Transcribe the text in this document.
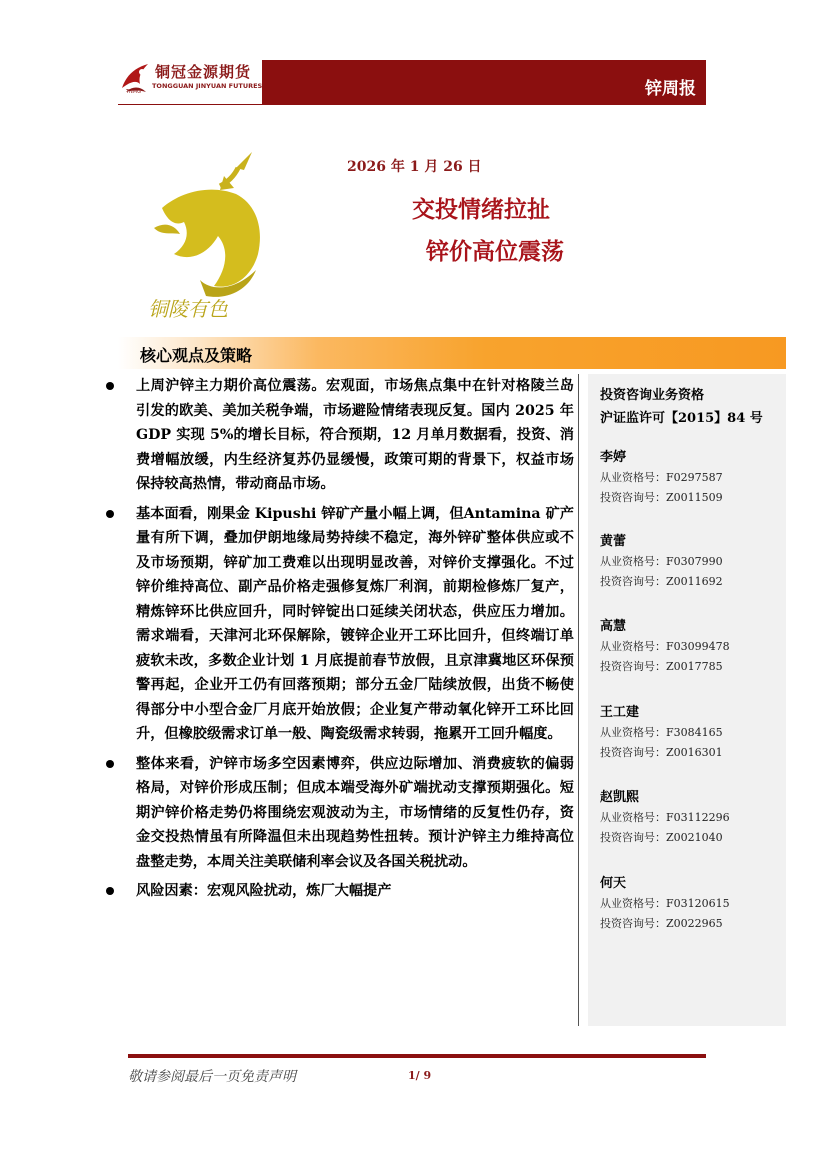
铜冠金源期货
TONGGUAN JINYUAN FUTURES
TNMG	锌周报
铜陵有色
2026 年 1 月 26 日
交投情绪拉扯
锌价高位震荡
核心观点及策略
上周沪锌主力期价高位震荡。宏观面，市场焦点集中在针对格陵兰岛引发的欧美、美加关税争端，市场避险情绪表现反复。国内 2025 年 GDP 实现 5%的增长目标，符合预期，12 月单月数据看，投资、消费增幅放缓，内生经济复苏仍显缓慢，政策可期的背景下，权益市场保持较高热情，带动商品市场。
基本面看，刚果金 Kipushi 锌矿产量小幅上调，但Antamina 矿产量有所下调，叠加伊朗地缘局势持续不稳定，海外锌矿整体供应或不及市场预期，锌矿加工费难以出现明显改善，对锌价支撑强化。不过锌价维持高位、副产品价格走强修复炼厂利润，前期检修炼厂复产，精炼锌环比供应回升，同时锌锭出口延续关闭状态，供应压力增加。需求端看，天津河北环保解除，镀锌企业开工环比回升，但终端订单疲软未改，多数企业计划 1 月底提前春节放假，且京津冀地区环保预警再起，企业开工仍有回落预期；部分五金厂陆续放假，出货不畅使得部分中小型合金厂月底开始放假；企业复产带动氧化锌开工环比回升，但橡胶级需求订单一般、陶瓷级需求转弱，拖累开工回升幅度。
整体来看，沪锌市场多空因素博弈，供应边际增加、消费疲软的偏弱格局，对锌价形成压制；但成本端受海外矿端扰动支撑预期强化。短期沪锌价格走势仍将围绕宏观波动为主，市场情绪的反复性仍存，资金交投热情虽有所降温但未出现趋势性扭转。预计沪锌主力维持高位盘整走势，本周关注美联储利率会议及各国关税扰动。
风险因素：宏观风险扰动，炼厂大幅提产
投资咨询业务资格
沪证监许可【2015】84 号
李婷
从业资格号：F0297587
投资咨询号：Z0011509
黄蕾
从业资格号：F0307990
投资咨询号：Z0011692
高慧
从业资格号：F03099478
投资咨询号：Z0017785
王工建
从业资格号：F3084165
投资咨询号：Z0016301
赵凯熙
从业资格号：F03112296
投资咨询号：Z0021040
何天
从业资格号：F03120615
投资咨询号：Z0022965
敬请参阅最后一页免责声明	1/ 9
